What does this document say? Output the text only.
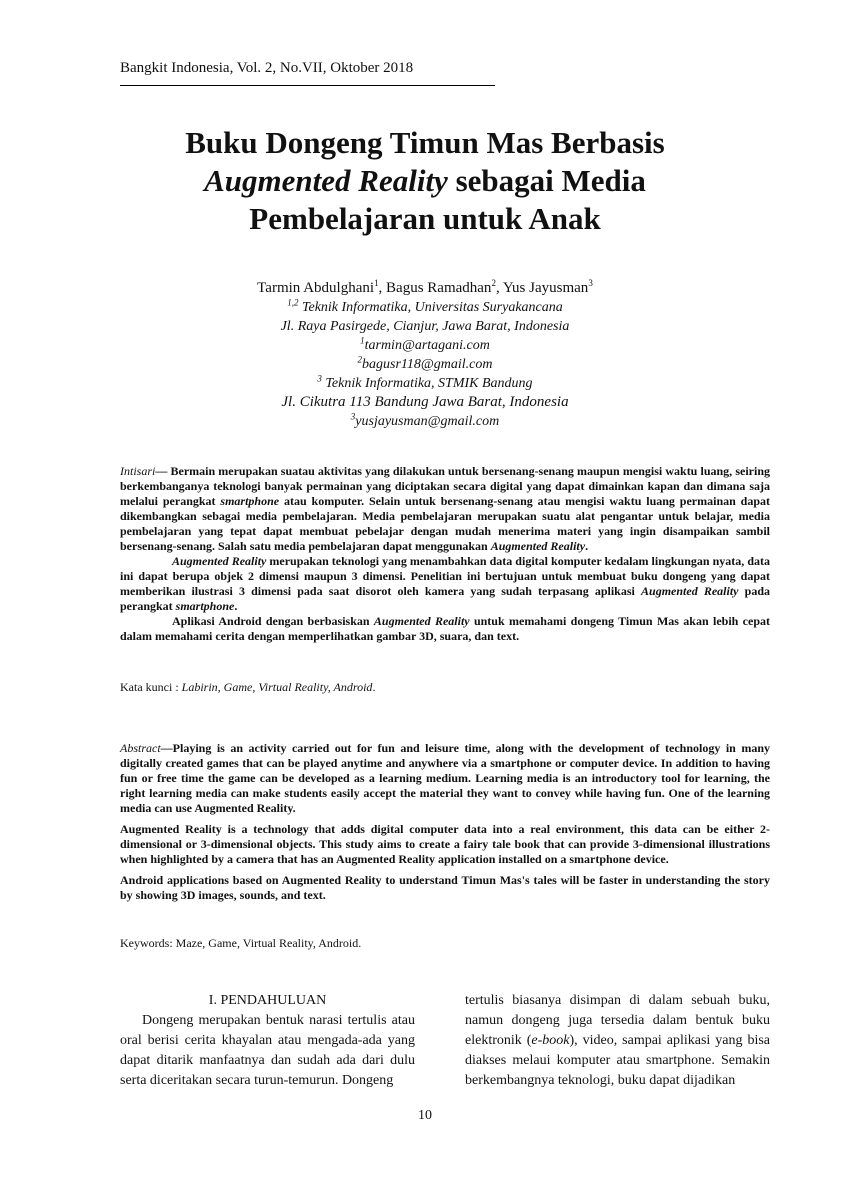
Bangkit Indonesia, Vol. 2, No.VII, Oktober 2018
Buku Dongeng Timun Mas Berbasis
Augmented Reality sebagai Media
Pembelajaran untuk Anak
Tarmin Abdulghani$^1$, Bagus Ramadhan$^2$, Yus Jayusman$^3$
$^{1,2}$ Teknik Informatika, Universitas Suryakancana
Jl. Raya Pasirgede, Cianjur, Jawa Barat, Indonesia
$^1$tarmin@artagani.com
$^2$bagusr118@gmail.com
$^3$ Teknik Informatika, STMIK Bandung
Jl. Cikutra 113 Bandung Jawa Barat, Indonesia
$^3$yusjayusman@gmail.com
Intisari— Bermain merupakan suatau aktivitas yang dilakukan untuk bersenang-senang maupun mengisi waktu luang, seiring berkembanganya teknologi banyak permainan yang diciptakan secara digital yang dapat dimainkan kapan dan dimana saja melalui perangkat smartphone atau komputer. Selain untuk bersenang-senang atau mengisi waktu luang permainan dapat dikembangkan sebagai media pembelajaran. Media pembelajaran merupakan suatu alat pengantar untuk belajar, media pembelajaran yang tepat dapat membuat pebelajar dengan mudah menerima materi yang ingin disampaikan sambil bersenang-senang. Salah satu media pembelajaran dapat menggunakan Augmented Reality.
Augmented Reality merupakan teknologi yang menambahkan data digital komputer kedalam lingkungan nyata, data ini dapat berupa objek 2 dimensi maupun 3 dimensi. Penelitian ini bertujuan untuk membuat buku dongeng yang dapat memberikan ilustrasi 3 dimensi pada saat disorot oleh kamera yang sudah terpasang aplikasi Augmented Reality pada perangkat smartphone.
Aplikasi Android dengan berbasiskan Augmented Reality untuk memahami dongeng Timun Mas akan lebih cepat dalam memahami cerita dengan memperlihatkan gambar 3D, suara, dan text.
Kata kunci : Labirin, Game, Virtual Reality, Android.
Abstract—Playing is an activity carried out for fun and leisure time, along with the development of technology in many digitally created games that can be played anytime and anywhere via a smartphone or computer device. In addition to having fun or free time the game can be developed as a learning medium. Learning media is an introductory tool for learning, the right learning media can make students easily accept the material they want to convey while having fun. One of the learning media can use Augmented Reality.
Augmented Reality is a technology that adds digital computer data into a real environment, this data can be either 2-dimensional or 3-dimensional objects. This study aims to create a fairy tale book that can provide 3-dimensional illustrations when highlighted by a camera that has an Augmented Reality application installed on a smartphone device.
Android applications based on Augmented Reality to understand Timun Mas's tales will be faster in understanding the story by showing 3D images, sounds, and text.
Keywords: Maze, Game, Virtual Reality, Android.
I. PENDAHULUAN
Dongeng merupakan bentuk narasi tertulis atau oral berisi cerita khayalan atau mengada-ada yang dapat ditarik manfaatnya dan sudah ada dari dulu serta diceritakan secara turun-temurun. Dongeng
tertulis biasanya disimpan di dalam sebuah buku, namun dongeng juga tersedia dalam bentuk buku elektronik (e-book), video, sampai aplikasi yang bisa diakses melaui komputer atau smartphone. Semakin berkembangnya teknologi, buku dapat dijadikan
10
